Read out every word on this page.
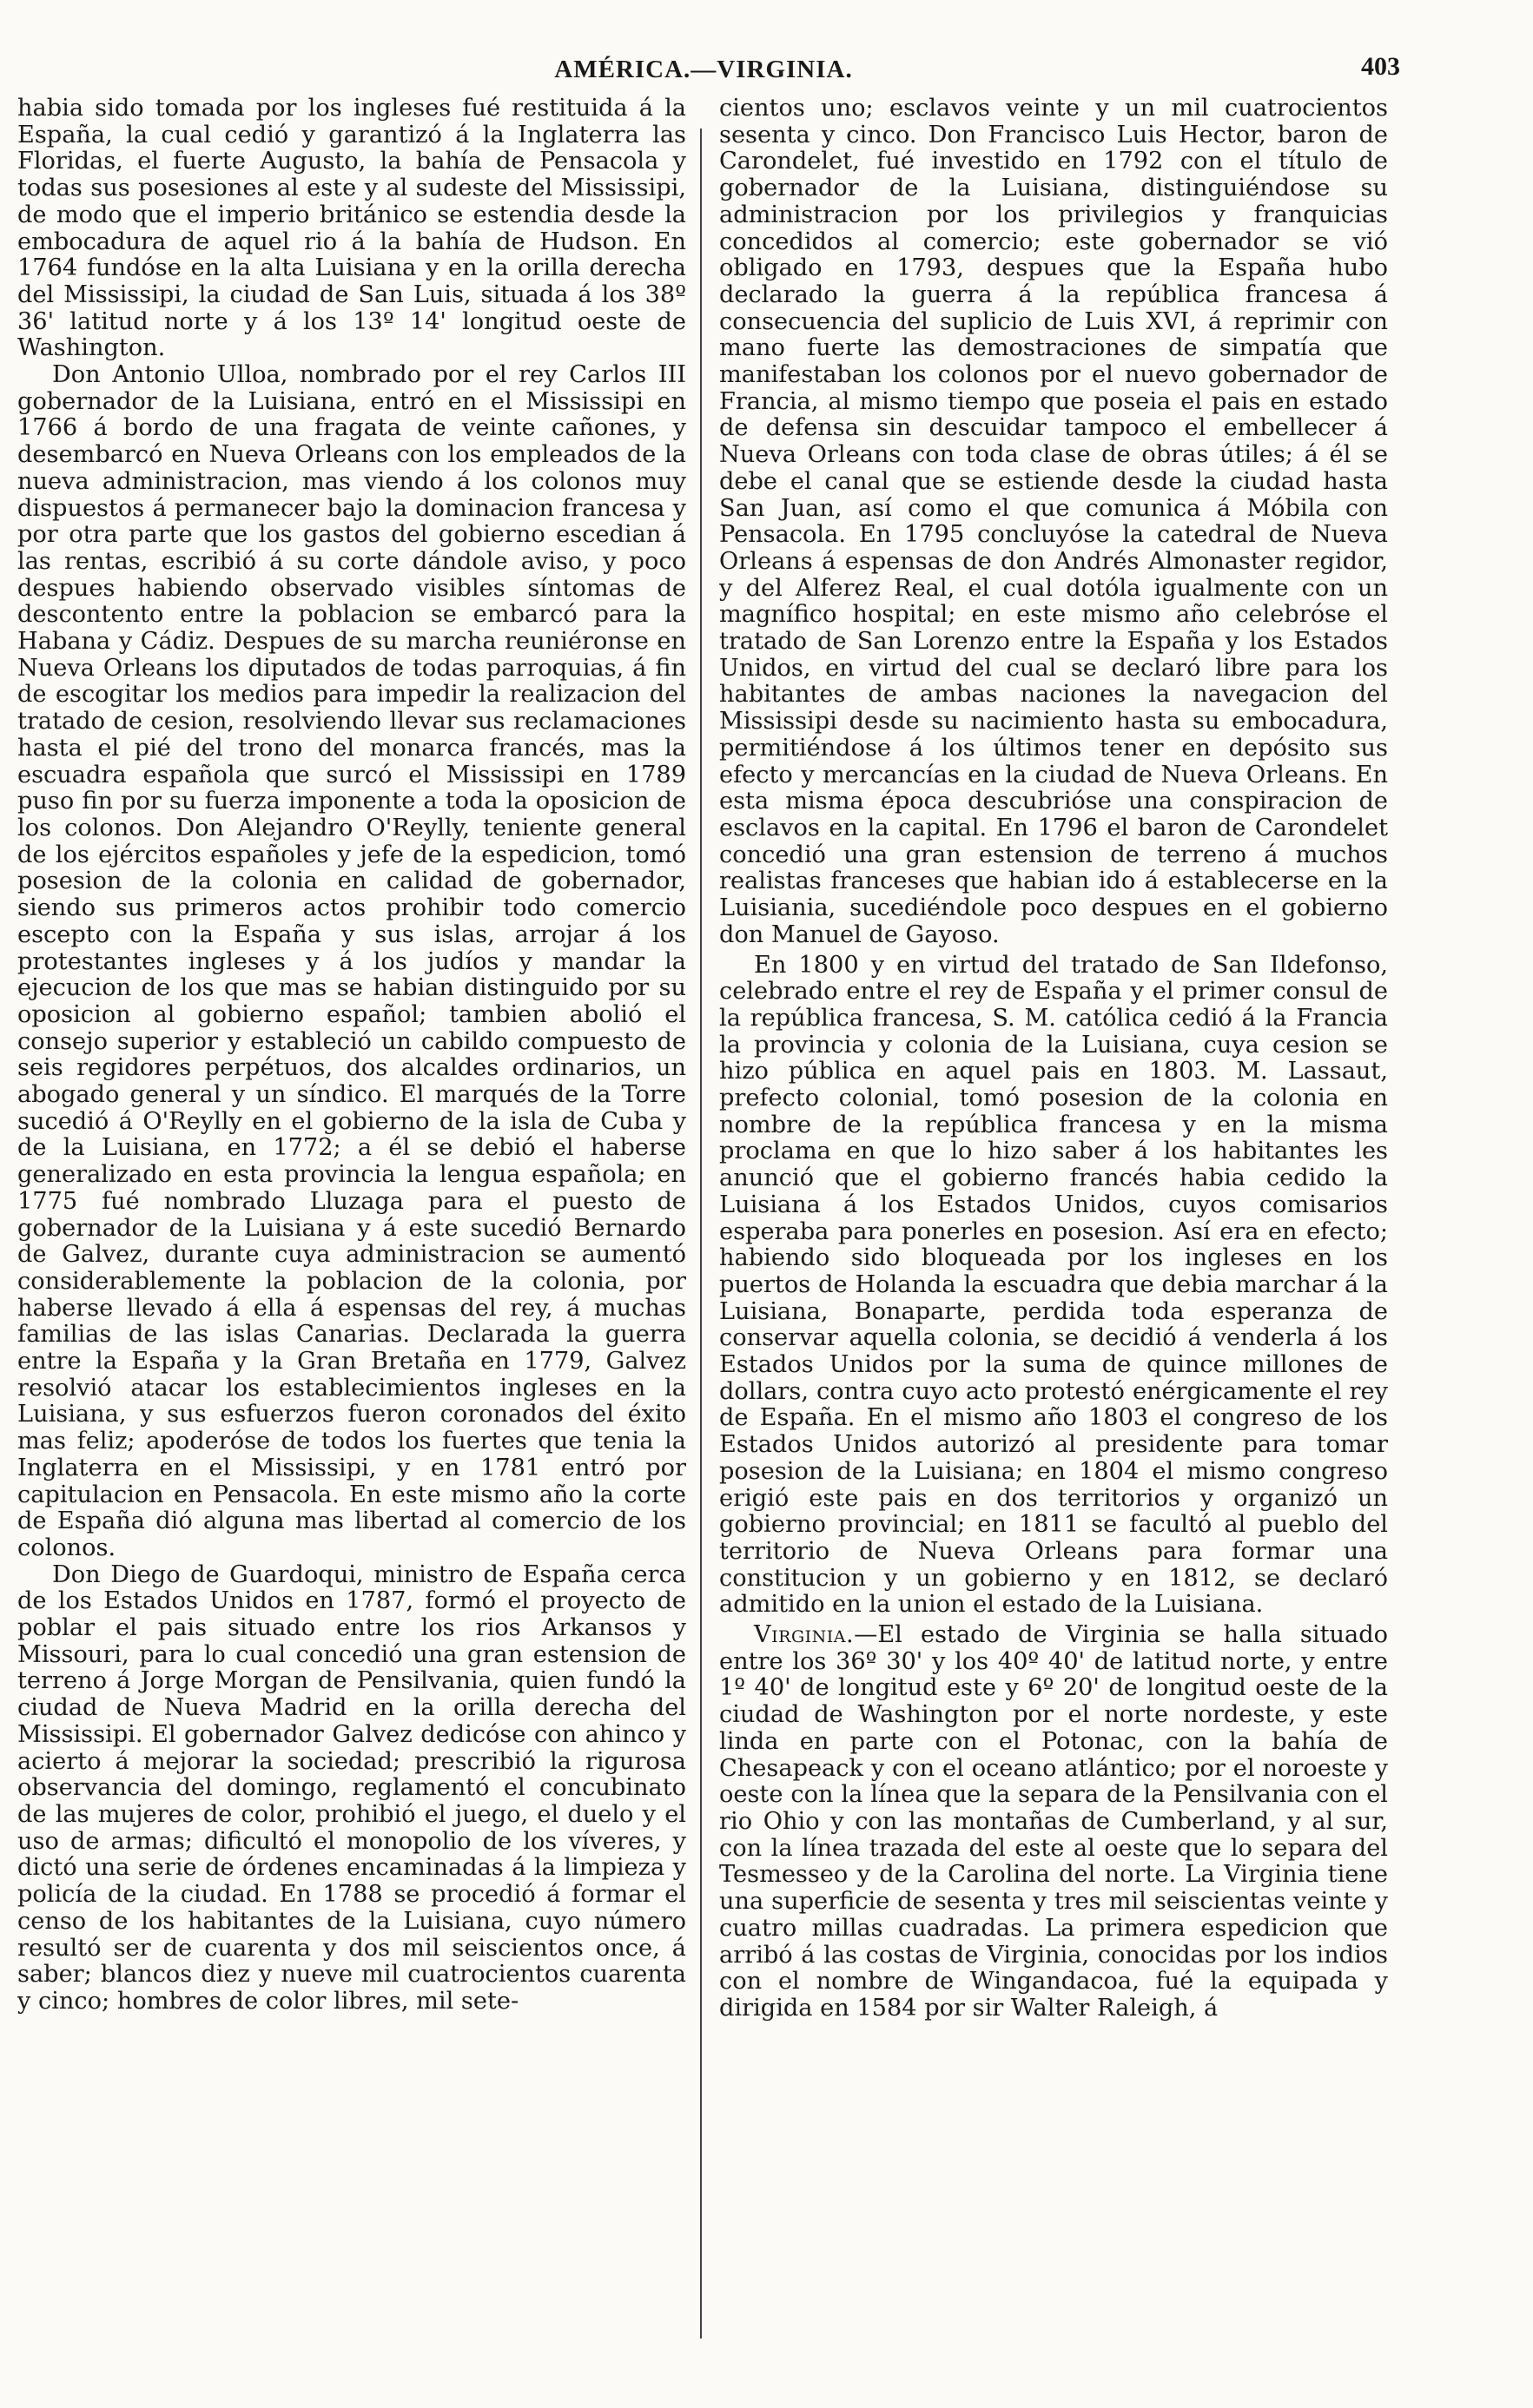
AMÉRICA.—VIRGINIA.	403

habia sido tomada por los ingleses fué restituida á la España, la cual cedió y garantizó á la Inglaterra las Floridas, el fuerte Augusto, la bahía de Pensacola y todas sus posesiones al este y al sudeste del Mississipi, de modo que el imperio británico se estendia desde la embocadura de aquel rio á la bahía de Hudson. En 1764 fundóse en la alta Luisiana y en la orilla derecha del Mississipi, la ciudad de San Luis, situada á los 38º 36' latitud norte y á los 13º 14' longitud oeste de Washington.

Don Antonio Ulloa, nombrado por el rey Carlos III gobernador de la Luisiana, entró en el Mississipi en 1766 á bordo de una fragata de veinte cañones, y desembarcó en Nueva Orleans con los empleados de la nueva administracion, mas viendo á los colonos muy dispuestos á permanecer bajo la dominacion francesa y por otra parte que los gastos del gobierno escedian á las rentas, escribió á su corte dándole aviso, y poco despues habiendo observado visibles síntomas de descontento entre la poblacion se embarcó para la Habana y Cádiz. Despues de su marcha reuniéronse en Nueva Orleans los diputados de todas parroquias, á fin de escogitar los medios para impedir la realizacion del tratado de cesion, resolviendo llevar sus reclamaciones hasta el pié del trono del monarca francés, mas la escuadra española que surcó el Mississipi en 1789 puso fin por su fuerza imponente a toda la oposicion de los colonos. Don Alejandro O'Reylly, teniente general de los ejércitos españoles y jefe de la espedicion, tomó posesion de la colonia en calidad de gobernador, siendo sus primeros actos prohibir todo comercio escepto con la España y sus islas, arrojar á los protestantes ingleses y á los judíos y mandar la ejecucion de los que mas se habian distinguido por su oposicion al gobierno español; tambien abolió el consejo superior y estableció un cabildo compuesto de seis regidores perpétuos, dos alcaldes ordinarios, un abogado general y un síndico. El marqués de la Torre sucedió á O'Reylly en el gobierno de la isla de Cuba y de la Luisiana, en 1772; a él se debió el haberse generalizado en esta provincia la lengua española; en 1775 fué nombrado Lluzaga para el puesto de gobernador de la Luisiana y á este sucedió Bernardo de Galvez, durante cuya administracion se aumentó considerablemente la poblacion de la colonia, por haberse llevado á ella á espensas del rey, á muchas familias de las islas Canarias. Declarada la guerra entre la España y la Gran Bretaña en 1779, Galvez resolvió atacar los establecimientos ingleses en la Luisiana, y sus esfuerzos fueron coronados del éxito mas feliz; apoderóse de todos los fuertes que tenia la Inglaterra en el Mississipi, y en 1781 entró por capitulacion en Pensacola. En este mismo año la corte de España dió alguna mas libertad al comercio de los colonos.

Don Diego de Guardoqui, ministro de España cerca de los Estados Unidos en 1787, formó el proyecto de poblar el pais situado entre los rios Arkansos y Missouri, para lo cual concedió una gran estension de terreno á Jorge Morgan de Pensilvania, quien fundó la ciudad de Nueva Madrid en la orilla derecha del Mississipi. El gobernador Galvez dedicóse con ahinco y acierto á mejorar la sociedad; prescribió la rigurosa observancia del domingo, reglamentó el concubinato de las mujeres de color, prohibió el juego, el duelo y el uso de armas; dificultó el monopolio de los víveres, y dictó una serie de órdenes encaminadas á la limpieza y policía de la ciudad. En 1788 se procedió á formar el censo de los habitantes de la Luisiana, cuyo número resultó ser de cuarenta y dos mil seiscientos once, á saber; blancos diez y nueve mil cuatrocientos cuarenta y cinco; hombres de color libres, mil sete-

cientos uno; esclavos veinte y un mil cuatrocientos sesenta y cinco. Don Francisco Luis Hector, baron de Carondelet, fué investido en 1792 con el título de gobernador de la Luisiana, distinguiéndose su administracion por los privilegios y franquicias concedidos al comercio; este gobernador se vió obligado en 1793, despues que la España hubo declarado la guerra á la república francesa á consecuencia del suplicio de Luis XVI, á reprimir con mano fuerte las demostraciones de simpatía que manifestaban los colonos por el nuevo gobernador de Francia, al mismo tiempo que poseia el pais en estado de defensa sin descuidar tampoco el embellecer á Nueva Orleans con toda clase de obras útiles; á él se debe el canal que se estiende desde la ciudad hasta San Juan, así como el que comunica á Móbila con Pensacola. En 1795 concluyóse la catedral de Nueva Orleans á espensas de don Andrés Almonaster regidor, y del Alferez Real, el cual dotóla igualmente con un magnífico hospital; en este mismo año celebróse el tratado de San Lorenzo entre la España y los Estados Unidos, en virtud del cual se declaró libre para los habitantes de ambas naciones la navegacion del Mississipi desde su nacimiento hasta su embocadura, permitiéndose á los últimos tener en depósito sus efecto y mercancías en la ciudad de Nueva Orleans. En esta misma época descubrióse una conspiracion de esclavos en la capital. En 1796 el baron de Carondelet concedió una gran estension de terreno á muchos realistas franceses que habian ido á establecerse en la Luisiania, sucediéndole poco despues en el gobierno don Manuel de Gayoso.

En 1800 y en virtud del tratado de San Ildefonso, celebrado entre el rey de España y el primer consul de la república francesa, S. M. católica cedió á la Francia la provincia y colonia de la Luisiana, cuya cesion se hizo pública en aquel pais en 1803. M. Lassaut, prefecto colonial, tomó posesion de la colonia en nombre de la república francesa y en la misma proclama en que lo hizo saber á los habitantes les anunció que el gobierno francés habia cedido la Luisiana á los Estados Unidos, cuyos comisarios esperaba para ponerles en posesion. Así era en efecto; habiendo sido bloqueada por los ingleses en los puertos de Holanda la escuadra que debia marchar á la Luisiana, Bonaparte, perdida toda esperanza de conservar aquella colonia, se decidió á venderla á los Estados Unidos por la suma de quince millones de dollars, contra cuyo acto protestó enérgicamente el rey de España. En el mismo año 1803 el congreso de los Estados Unidos autorizó al presidente para tomar posesion de la Luisiana; en 1804 el mismo congreso erigió este pais en dos territorios y organizó un gobierno provincial; en 1811 se facultó al pueblo del territorio de Nueva Orleans para formar una constitucion y un gobierno y en 1812, se declaró admitido en la union el estado de la Luisiana.

Virginia.—El estado de Virginia se halla situado entre los 36º 30' y los 40º 40' de latitud norte, y entre 1º 40' de longitud este y 6º 20' de longitud oeste de la ciudad de Washington por el norte nordeste, y este linda en parte con el Potonac, con la bahía de Chesapeack y con el oceano atlántico; por el noroeste y oeste con la línea que la separa de la Pensilvania con el rio Ohio y con las montañas de Cumberland, y al sur, con la línea trazada del este al oeste que lo separa del Tesmesseo y de la Carolina del norte. La Virginia tiene una superficie de sesenta y tres mil seiscientas veinte y cuatro millas cuadradas. La primera espedicion que arribó á las costas de Virginia, conocidas por los indios con el nombre de Wingandacoa, fué la equipada y dirigida en 1584 por sir Walter Raleigh, á
